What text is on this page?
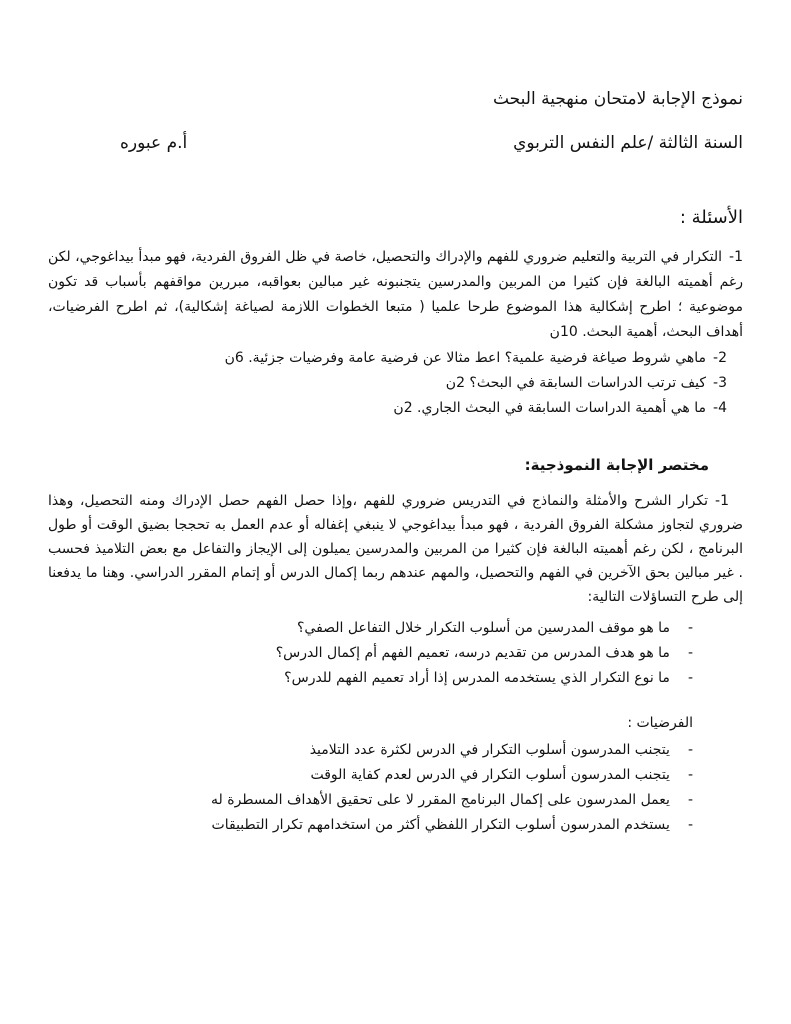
نموذج الإجابة لامتحان منهجية البحث
السنة الثالثة /علم النفس التربوي
أ.م عبوره
الأسئلة :

1-التكرار في التربية والتعليم ضروري للفهم والإدراك والتحصيل، خاصة في ظل الفروق الفردية، فهو مبدأ بيداغوجي، لكن رغم أهميته البالغة فإن كثيرا من المربين والمدرسين يتجنبونه غير مبالين بعواقبه، مبررين مواقفهم بأسباب قد تكون موضوعية ؛ اطرح إشكالية هذا الموضوع طرحا علميا ( متبعا الخطوات اللازمة لصياغة إشكالية)، ثم اطرح الفرضيات، أهداف البحث، أهمية البحث. 10ن

2-ماهي شروط صياغة فرضية علمية؟ اعط مثالا عن فرضية عامة وفرضيات جزئية. 6ن
3-كيف ترتب الدراسات السابقة في البحث؟ 2ن
4-ما هي أهمية الدراسات السابقة في البحث الجاري. 2ن
مختصر الإجابة النموذجية:

1-تكرار الشرح والأمثلة والنماذج في التدريس ضروري للفهم ،وإذا حصل الفهم حصل الإدراك ومنه التحصيل، وهذا ضروري لتجاوز مشكلة الفروق الفردية ، فهو مبدأ بيداغوجي لا ينبغي إغفاله أو عدم العمل به تحججا بضيق الوقت أو طول البرنامج ، لكن رغم أهميته البالغة فإن كثيرا من المربين والمدرسين يميلون إلى الإيجاز والتفاعل مع بعض التلاميذ فحسب . غير مبالين بحق الآخرين في الفهم والتحصيل، والمهم عندهم ربما إكمال الدرس أو إتمام المقرر الدراسي. وهنا ما يدفعنا إلى طرح التساؤلات التالية:

-
ما هو موقف المدرسين من أسلوب التكرار خلال التفاعل الصفي؟
-
ما هو هدف المدرس من تقديم درسه، تعميم الفهم أم إكمال الدرس؟
-
ما نوع التكرار الذي يستخدمه المدرس إذا أراد تعميم الفهم للدرس؟
الفرضيات :
-
يتجنب المدرسون أسلوب التكرار في الدرس لكثرة عدد التلاميذ
-
يتجنب المدرسون أسلوب التكرار في الدرس لعدم كفاية الوقت
-
يعمل المدرسون على إكمال البرنامج المقرر لا على تحقيق الأهداف المسطرة له
-
يستخدم المدرسون أسلوب التكرار اللفظي أكثر من استخدامهم تكرار التطبيقات
